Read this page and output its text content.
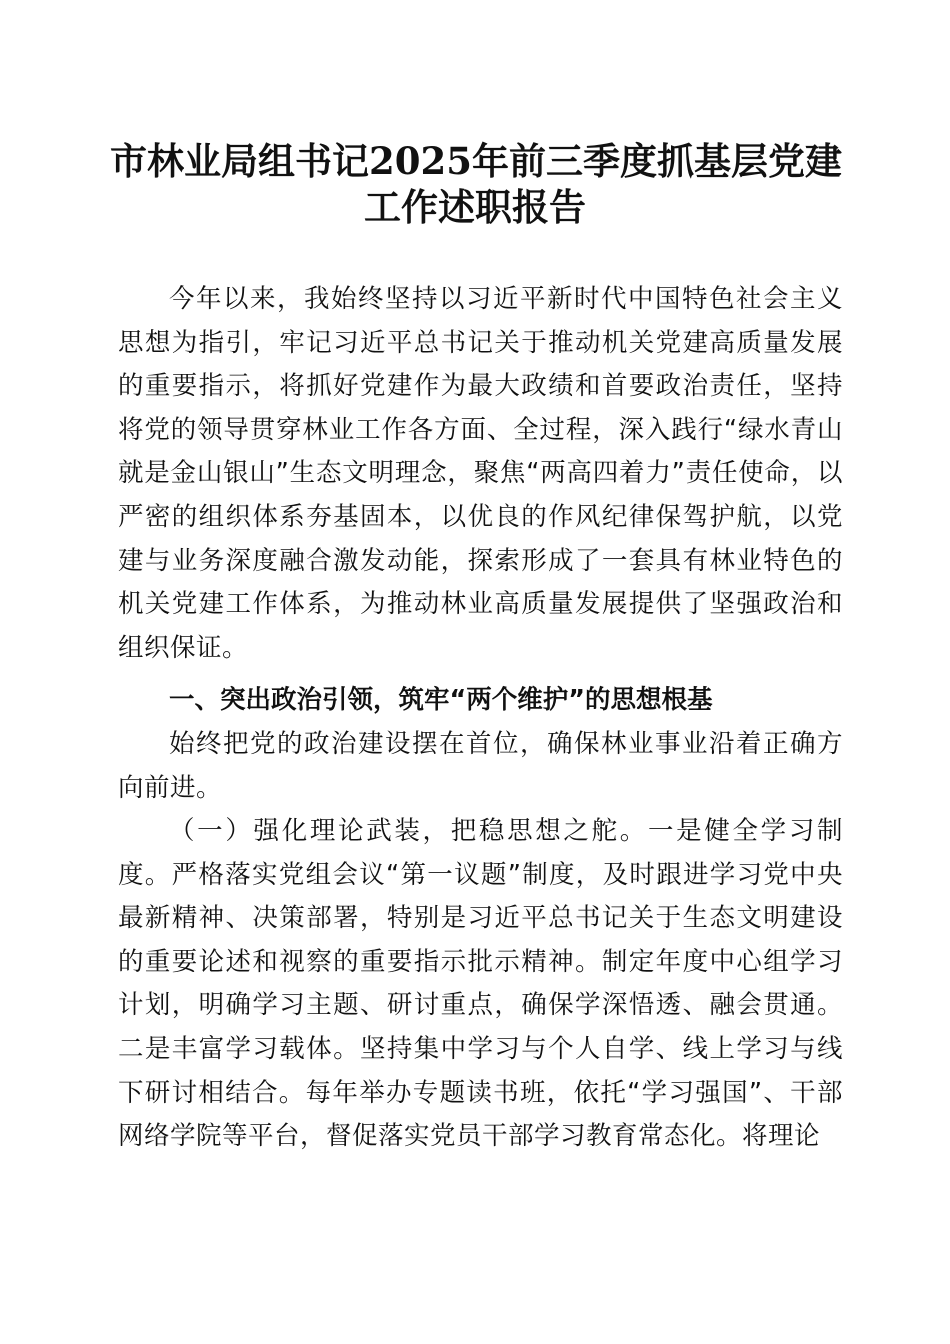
市林业局组书记2025年前三季度抓基层党建
工作述职报告

今年以来，我始终坚持以习近平新时代中国特色社会主义思想为指引，牢记习近平总书记关于推动机关党建高质量发展的重要指示，将抓好党建作为最大政绩和首要政治责任，坚持将党的领导贯穿林业工作各方面、全过程，深入践行“绿水青山就是金山银山”生态文明理念，聚焦“两高四着力”责任使命，以严密的组织体系夯基固本，以优良的作风纪律保驾护航，以党建与业务深度融合激发动能，探索形成了一套具有林业特色的机关党建工作体系，为推动林业高质量发展提供了坚强政治和组织保证。

一、突出政治引领，筑牢“两个维护”的思想根基

始终把党的政治建设摆在首位，确保林业事业沿着正确方向前进。

（一）强化理论武装，把稳思想之舵。一是健全学习制度。严格落实党组会议“第一议题”制度，及时跟进学习党中央最新精神、决策部署，特别是习近平总书记关于生态文明建设的重要论述和视察的重要指示批示精神。制定年度中心组学习计划，明确学习主题、研讨重点，确保学深悟透、融会贯通。二是丰富学习载体。坚持集中学习与个人自学、线上学习与线下研讨相结合。每年举办专题读书班，依托“学习强国”、干部网络学院等平台，督促落实党员干部学习教育常态化。将理论
